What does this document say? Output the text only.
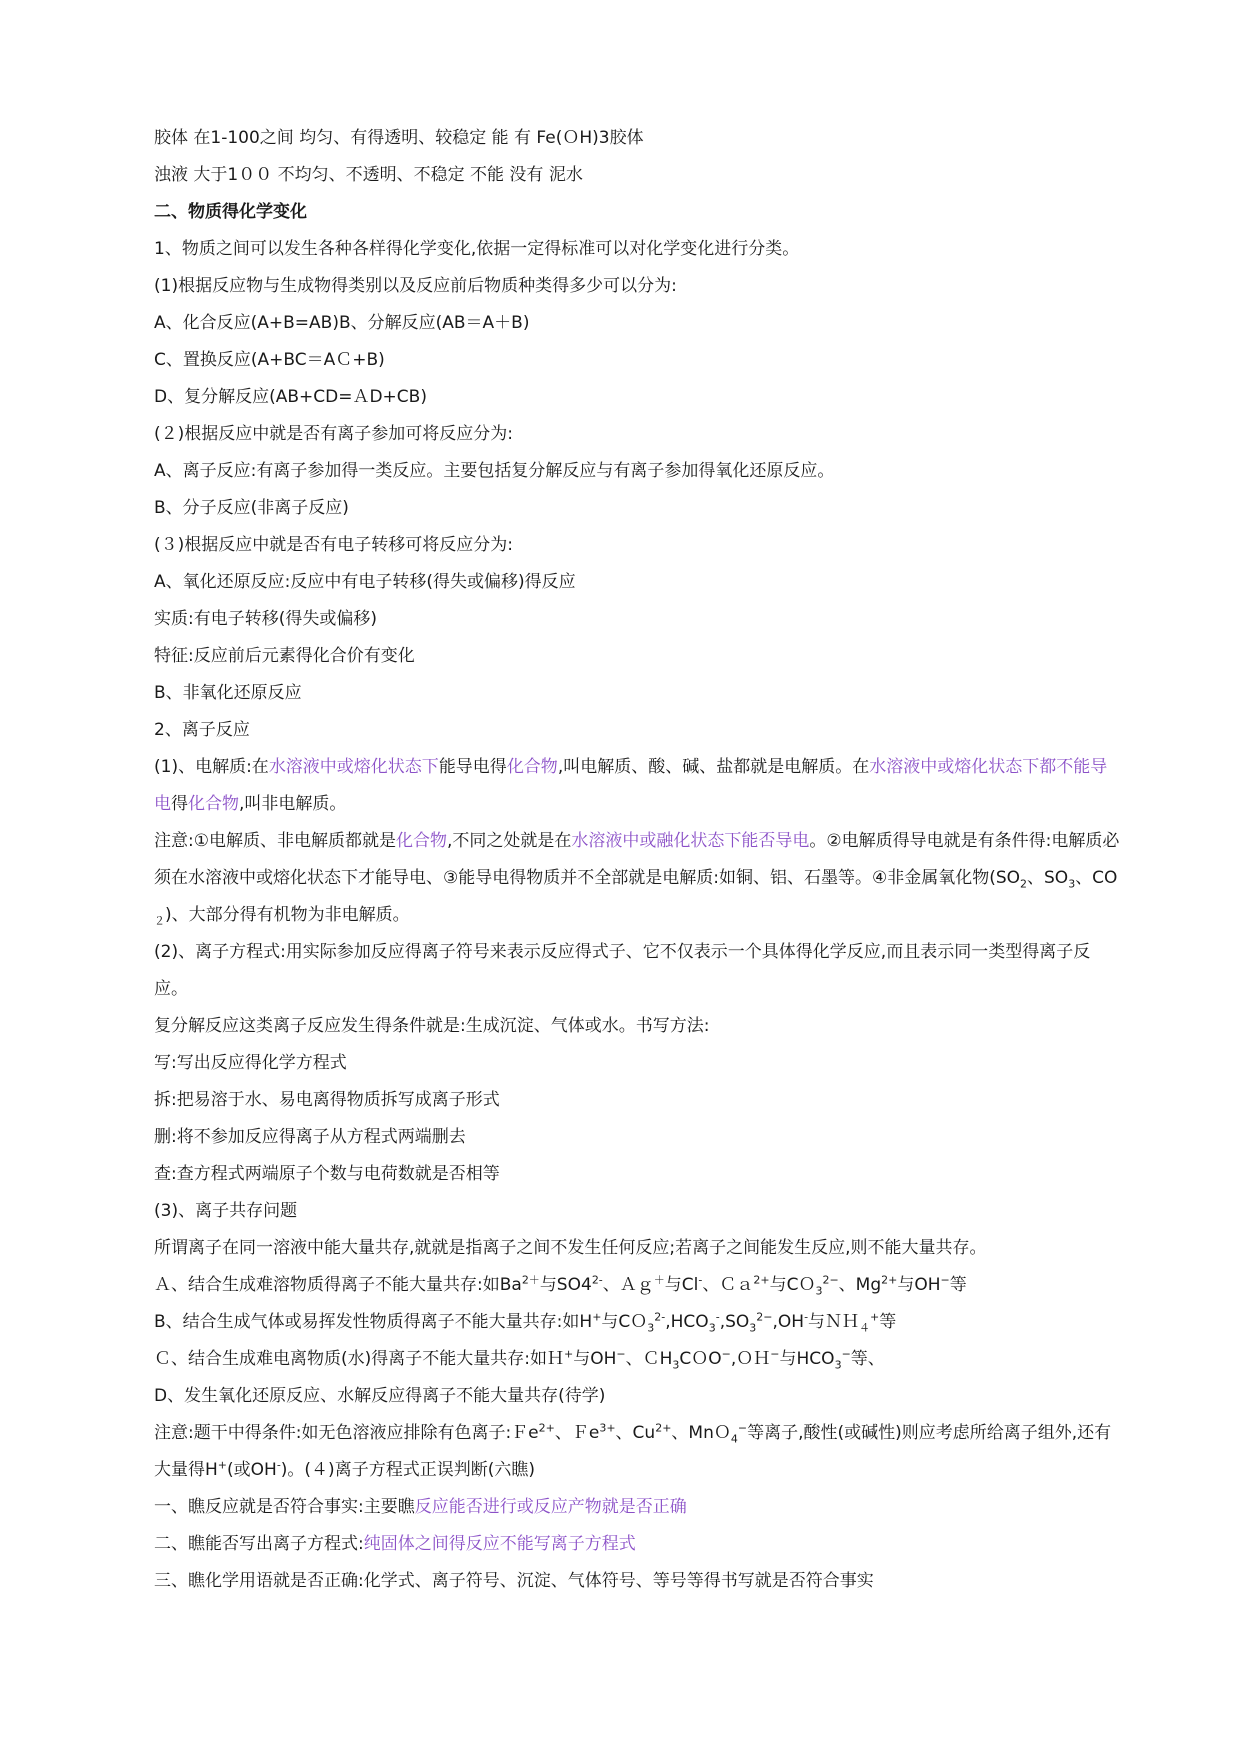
胶体 在1-100之间 均匀、有得透明、较稳定 能 有 Fe(ＯH)3胶体
浊液 大于1００ 不均匀、不透明、不稳定 不能 没有 泥水
二、物质得化学变化
1、物质之间可以发生各种各样得化学变化,依据一定得标准可以对化学变化进行分类。
(1)根据反应物与生成物得类别以及反应前后物质种类得多少可以分为:
A、化合反应(A+B=AB)B、分解反应(AB＝A＋B)
C、置换反应(A+BC＝AＣ+B)
D、复分解反应(AB+CD=ＡD+CB)
(２)根据反应中就是否有离子参加可将反应分为:
A、离子反应:有离子参加得一类反应。主要包括复分解反应与有离子参加得氧化还原反应。
B、分子反应(非离子反应)
(３)根据反应中就是否有电子转移可将反应分为:
A、氧化还原反应:反应中有电子转移(得失或偏移)得反应
实质:有电子转移(得失或偏移)
特征:反应前后元素得化合价有变化
B、非氧化还原反应
2、离子反应
(1)、电解质:在水溶液中或熔化状态下能导电得化合物,叫电解质、酸、碱、盐都就是电解质。在水溶液中或熔化状态下都不能导电得化合物,叫非电解质。
注意:①电解质、非电解质都就是化合物,不同之处就是在水溶液中或融化状态下能否导电。②电解质得导电就是有条件得:电解质必须在水溶液中或熔化状态下才能导电、③能导电得物质并不全部就是电解质:如铜、铝、石墨等。④非金属氧化物($SO_2$、$SO_3$、$CO_2$)、大部分得有机物为非电解质。
(2)、离子方程式:用实际参加反应得离子符号来表示反应得式子、它不仅表示一个具体得化学反应,而且表示同一类型得离子反应。
复分解反应这类离子反应发生得条件就是:生成沉淀、气体或水。书写方法:
写:写出反应得化学方程式
拆:把易溶于水、易电离得物质拆写成离子形式
删:将不参加反应得离子从方程式两端删去
查:查方程式两端原子个数与电荷数就是否相等
(3)、离子共存问题
所谓离子在同一溶液中能大量共存,就就是指离子之间不发生任何反应;若离子之间能发生反应,则不能大量共存。
Ａ、结合生成难溶物质得离子不能大量共存:如$Ba^{2+}$与$SO4^{2-}$、Ａｇ＋与Cl-、Ｃａ$^{2+}$与CＯ$_3^{2-}$、$Mg^{2+}$与OH−等
B、结合生成气体或易挥发性物质得离子不能大量共存:如H+与$CO_3^{2-},HCO_3^-,SO_3^{2-},OH^-$与ＮＨ$_4$+等
Ｃ、结合生成难电离物质(水)得离子不能大量共存:如Ｈ+与OH−、ＣH$_3$CＯO−,ＯＨ−与$HCO_3^-$等、
D、发生氧化还原反应、水解反应得离子不能大量共存(待学)
注意:题干中得条件:如无色溶液应排除有色离子:Ｆe$^{2+}$、Ｆe$^{3+}$、$Cu^{2+}$、MnＯ$_4$−等离子,酸性(或碱性)则应考虑所给离子组外,还有大量得H+(或OH-)。(４)离子方程式正误判断(六瞧)
一、瞧反应就是否符合事实:主要瞧反应能否进行或反应产物就是否正确
二、瞧能否写出离子方程式:纯固体之间得反应不能写离子方程式
三、瞧化学用语就是否正确:化学式、离子符号、沉淀、气体符号、等号等得书写就是否符合事实
